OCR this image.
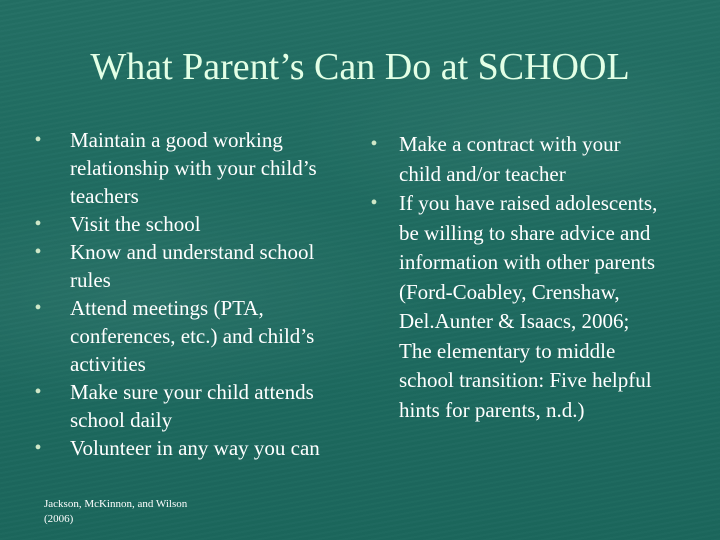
What Parent’s Can Do at SCHOOL
•	Maintain a good working relationship with your child’s teachers
•	Visit the school
•	Know and understand school rules
•	Attend meetings (PTA, conferences, etc.) and child’s activities
•	Make sure your child attends school daily
•	Volunteer in any way you can
Jackson, McKinnon, and Wilson (2006)
•	Make a contract with your child and/or teacher
•	If you have raised adolescents, be willing to share advice and information with other parents
(Ford-Coabley, Crenshaw, Del.Aunter & Isaacs, 2006; The elementary to middle school transition: Five helpful hints for parents, n.d.)
